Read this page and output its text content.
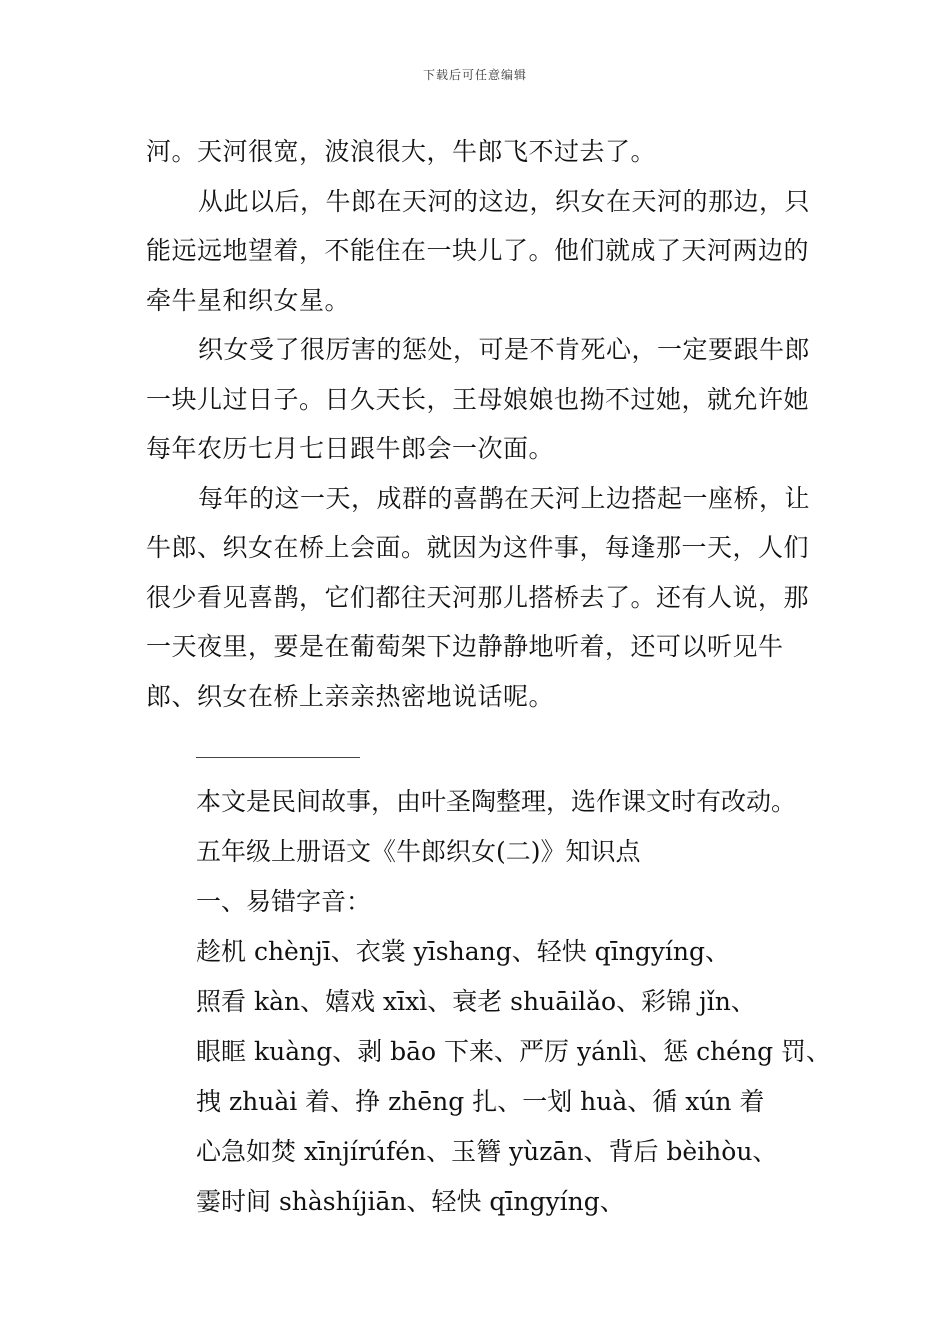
下载后可任意编辑

河。天河很宽，波浪很大，牛郎飞不过去了。

从此以后，牛郎在天河的这边，织女在天河的那边，只能远远地望着，不能住在一块儿了。他们就成了天河两边的牵牛星和织女星。

织女受了很厉害的惩处，可是不肯死心，一定要跟牛郎一块儿过日子。日久天长，王母娘娘也拗不过她，就允许她每年农历七月七日跟牛郎会一次面。

每年的这一天，成群的喜鹊在天河上边搭起一座桥，让牛郎、织女在桥上会面。就因为这件事，每逢那一天，人们很少看见喜鹊，它们都往天河那儿搭桥去了。还有人说，那一天夜里，要是在葡萄架下边静静地听着，还可以听见牛郎、织女在桥上亲亲热密地说话呢。

本文是民间故事，由叶圣陶整理，选作课文时有改动。
五年级上册语文《牛郎织女(二)》知识点
一、易错字音：
趁机 chènjī、衣裳 yīshang、轻快 qīngyíng、
照看 kàn、嬉戏 xīxì、衰老 shuāilǎo、彩锦 jǐn、
眼眶 kuàng、剥 bāo 下来、严厉 yánlì、惩 chéng 罚、
拽 zhuài 着、挣 zhēng 扎、一划 huà、循 xún 着
心急如焚 xīnjírúfén、玉簪 yùzān、背后 bèihòu、
霎时间 shàshíjiān、轻快 qīngyíng、
